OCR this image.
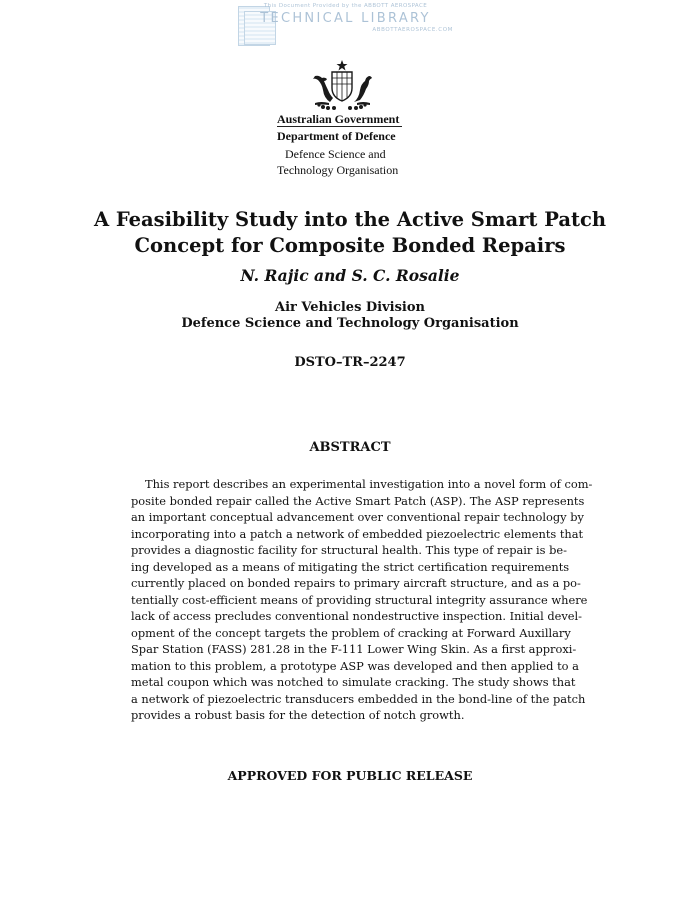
This Document Provided by the ABBOTT AEROSPACE
TECHNICAL LIBRARY
ABBOTTAEROSPACE.COM
Australian Government
Department of Defence
Defence Science and
Technology Organisation
A Feasibility Study into the Active Smart Patch
Concept for Composite Bonded Repairs
N. Rajic and S. C. Rosalie
Air Vehicles Division
Defence Science and Technology Organisation
DSTO–TR–2247
ABSTRACT
This report describes an experimental investigation into a novel form of com-
posite bonded repair called the Active Smart Patch (ASP). The ASP represents
an important conceptual advancement over conventional repair technology by
incorporating into a patch a network of embedded piezoelectric elements that
provides a diagnostic facility for structural health. This type of repair is be-
ing developed as a means of mitigating the strict certification requirements
currently placed on bonded repairs to primary aircraft structure, and as a po-
tentially cost-efficient means of providing structural integrity assurance where
lack of access precludes conventional nondestructive inspection. Initial devel-
opment of the concept targets the problem of cracking at Forward Auxillary
Spar Station (FASS) 281.28 in the F-111 Lower Wing Skin. As a first approxi-
mation to this problem, a prototype ASP was developed and then applied to a
metal coupon which was notched to simulate cracking. The study shows that
a network of piezoelectric transducers embedded in the bond-line of the patch
provides a robust basis for the detection of notch growth.
APPROVED FOR PUBLIC RELEASE
